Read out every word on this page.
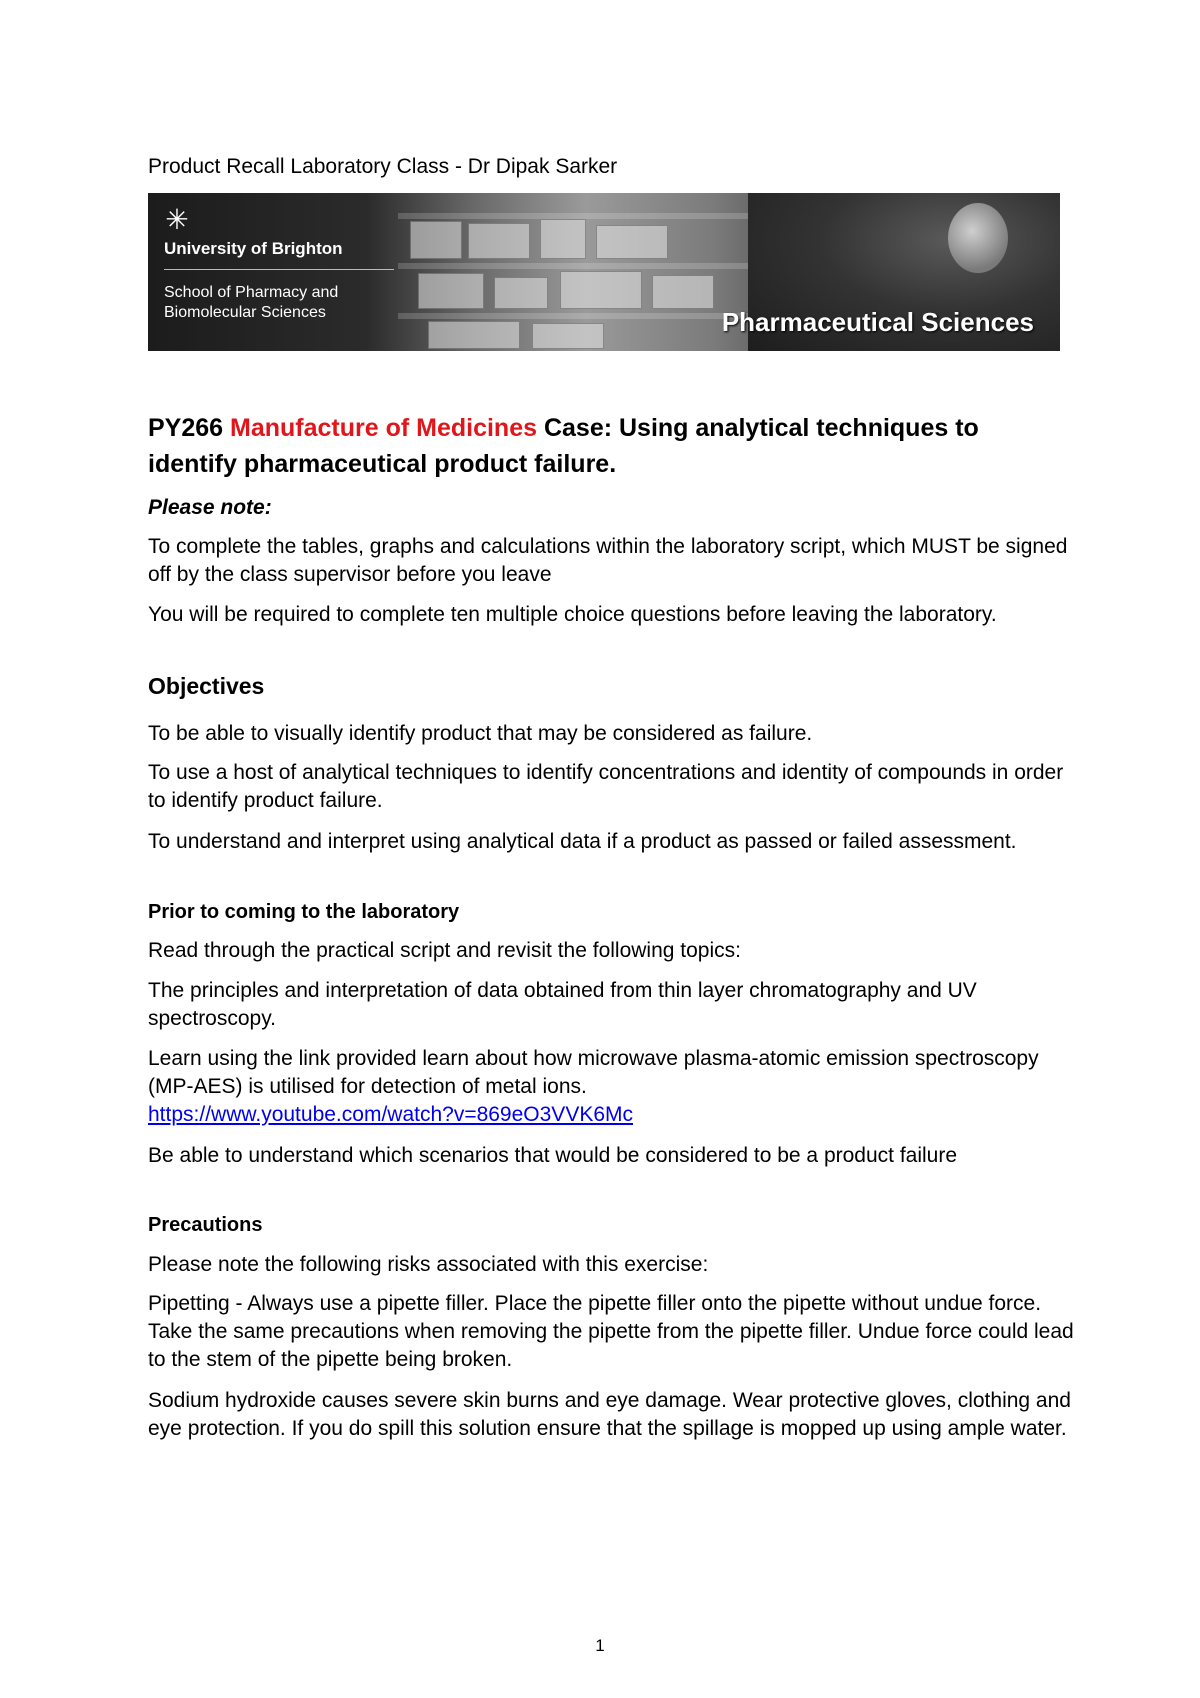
Product Recall Laboratory Class - Dr Dipak Sarker
✳
University of Brighton
School of Pharmacy and
Biomolecular Sciences	Pharmaceutical Sciences
PY266 Manufacture of Medicines Case: Using analytical techniques to identify pharmaceutical product failure.
Please note:
To complete the tables, graphs and calculations within the laboratory script, which MUST be signed off by the class supervisor before you leave
You will be required to complete ten multiple choice questions before leaving the laboratory.
Objectives
To be able to visually identify product that may be considered as failure.
To use a host of analytical techniques to identify concentrations and identity of compounds in order to identify product failure.
To understand and interpret using analytical data if a product as passed or failed assessment.
Prior to coming to the laboratory
Read through the practical script and revisit the following topics:
The principles and interpretation of data obtained from thin layer chromatography and UV spectroscopy.
Learn using the link provided learn about how microwave plasma-atomic emission spectroscopy (MP-AES) is utilised for detection of metal ions.
https://www.youtube.com/watch?v=869eO3VVK6Mc
Be able to understand which scenarios that would be considered to be a product failure
Precautions
Please note the following risks associated with this exercise:
Pipetting - Always use a pipette filler. Place the pipette filler onto the pipette without undue force. Take the same precautions when removing the pipette from the pipette filler. Undue force could lead to the stem of the pipette being broken.
Sodium hydroxide causes severe skin burns and eye damage. Wear protective gloves, clothing and eye protection. If you do spill this solution ensure that the spillage is mopped up using ample water.
1
